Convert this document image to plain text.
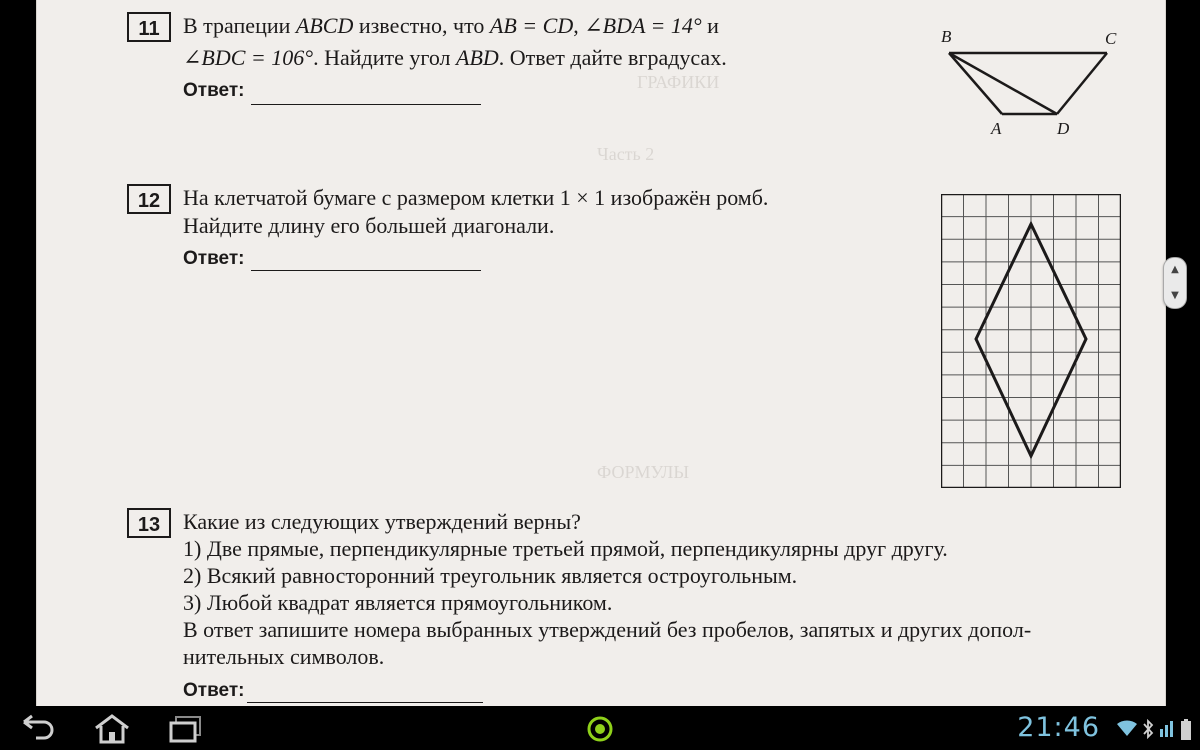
ГРАФИКИ
Часть 2
ФОРМУЛЫ
11	В трапеции ABCD известно, что AB = CD, ∠BDA = 14° и
∠BDC = 106°. Найдите угол ABD. Ответ дайте вградусах.
Ответ:
B	C
A	D
12	На клетчатой бумаге с размером клетки 1 × 1 изображён ромб.
Найдите длину его большей диагонали.
Ответ:
13	Какие из следующих утверждений верны?
1) Две прямые, перпендикулярные третьей прямой, перпендикулярны друг другу.
2) Всякий равносторонний треугольник является остроугольным.
3) Любой квадрат является прямоугольником.
В ответ запишите номера выбранных утверждений без пробелов, запятых и других допол-
нительных символов.
Ответ:
▲
▼
21:46
